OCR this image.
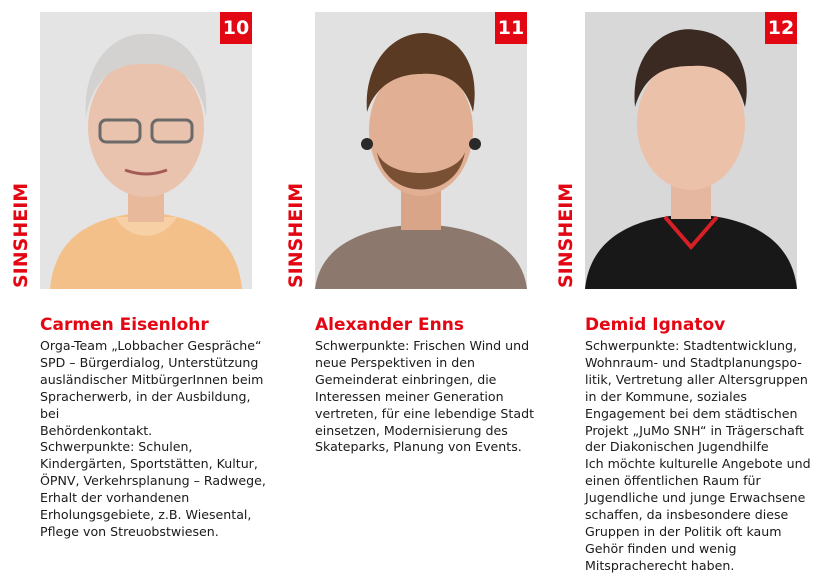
SINSHEIM
10
Carmen Eisenlohr

Orga-Team „Lobbacher Gespräche“

SPD – Bürgerdialog, Unterstützung

ausländischer MitbürgerInnen beim

Spracherwerb, in der Ausbildung, bei

Behördenkontakt.

Schwerpunkte: Schulen,

Kindergärten, Sportstätten, Kultur,

ÖPNV, Verkehrsplanung – Radwege,

Erhalt der vorhandenen

Erholungsgebiete, z.B. Wiesental,

Pflege von Streuobstwiesen.

SINSHEIM
11
Alexander Enns

Schwerpunkte: Frischen Wind und

neue Perspektiven in den

Gemeinderat einbringen, die

Interessen meiner Generation

vertreten, für eine lebendige Stadt

einsetzen, Modernisierung des

Skateparks, Planung von Events.

SINSHEIM
12
Demid Ignatov

Schwerpunkte: Stadtentwicklung,

Wohnraum- und Stadtplanungspo-

litik, Vertretung aller Altersgruppen

in der Kommune, soziales

Engagement bei dem städtischen

Projekt „JuMo SNH“ in Trägerschaft

der Diakonischen Jugendhilfe

Ich möchte kulturelle Angebote und

einen öffentlichen Raum für

Jugendliche und junge Erwachsene

schaffen, da insbesondere diese

Gruppen in der Politik oft kaum

Gehör finden und wenig

Mitspracherecht haben.
